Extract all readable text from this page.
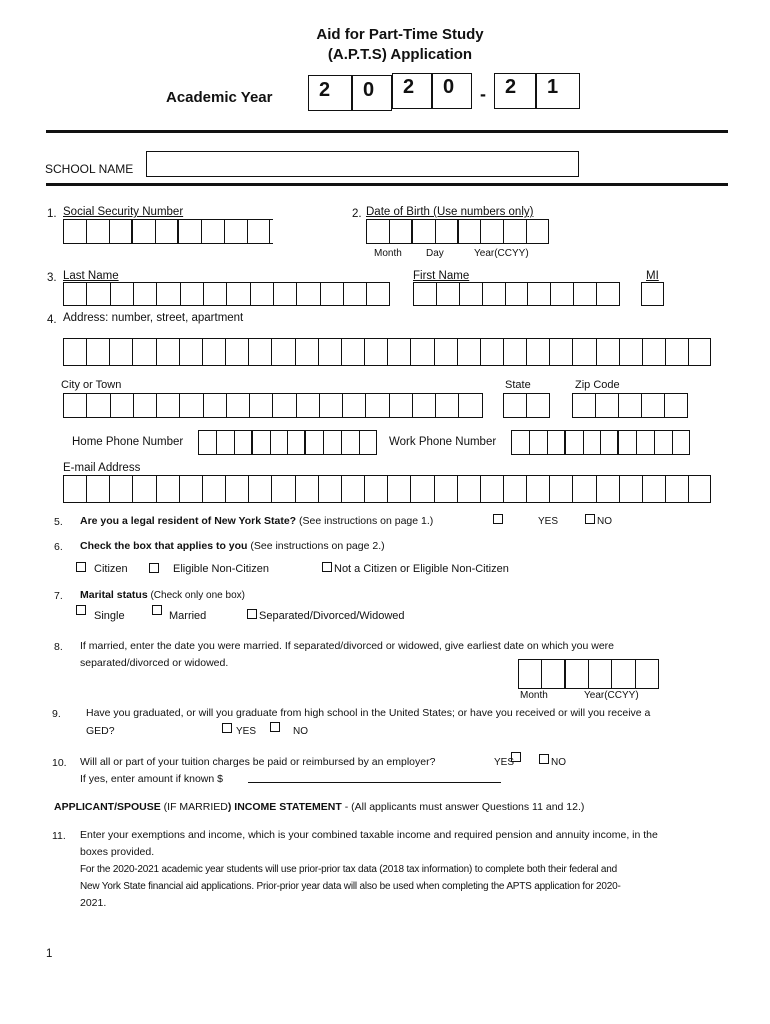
Aid for Part-Time Study
(A.P.T.S) Application
Academic Year	2	0	2	0	- 2	1
SCHOOL NAME
1. Social Security Number	2. Date of Birth (Use numbers only)
Month Day	Year(CCYY)
3. Last Name	First Name	MI
4. Address: number, street, apartment
City or Town	State	Zip Code
Home Phone Number	Work Phone Number
E-mail Address
5. Are you a legal resident of New York State? (See instructions on page 1.)	YES	NO
6. Check the box that applies to you (See instructions on page 2.)
Citizen	Eligible Non-Citizen	Not a Citizen or Eligible Non-Citizen
7. Marital status (Check only one box)
Single	Married	Separated/Divorced/Widowed
8. If married, enter the date you were married. If separated/divorced or widowed, give earliest date on which you were
separated/divorced or widowed.
Month	Year(CCYY)
9. Have you graduated, or will you graduate from high school in the United States; or have you received or will you receive a
GED?	YES	NO
10. Will all or part of your tuition charges be paid or reimbursed by an employer?	YES	NO
If yes, enter amount if known $
APPLICANT/SPOUSE (IF MARRIED) INCOME STATEMENT - (All applicants must answer Questions 11 and 12.)
11. Enter your exemptions and income, which is your combined taxable income and required pension and annuity income, in the
boxes provided.
For the 2020-2021 academic year students will use prior-prior tax data (2018 tax information) to complete both their federal and
New York State financial aid applications. Prior-prior year data will also be used when completing the APTS application for 2020-
2021.
1
